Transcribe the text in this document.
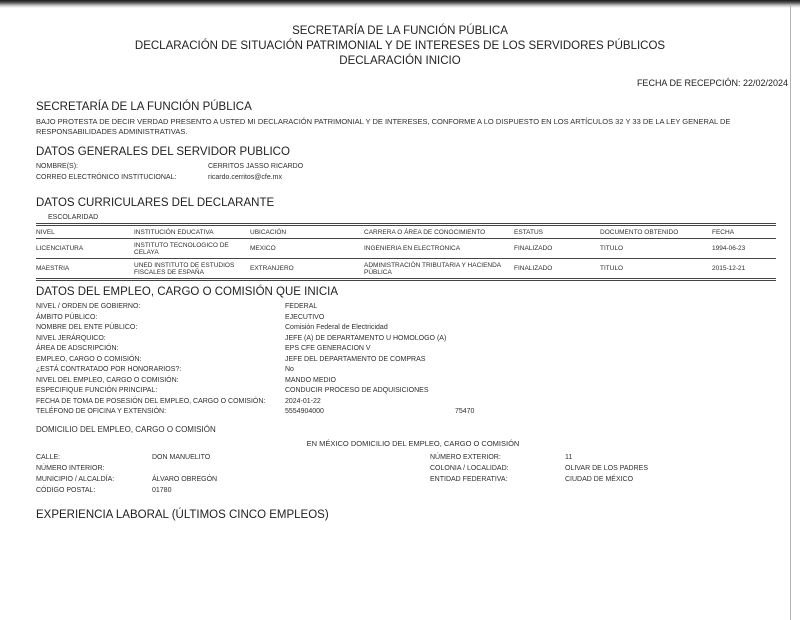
SECRETARÍA DE LA FUNCIÓN PÚBLICA
DECLARACIÓN DE SITUACIÓN PATRIMONIAL Y DE INTERESES DE LOS SERVIDORES PÚBLICOS
DECLARACIÓN INICIO
FECHA DE RECEPCIÓN: 22/02/2024
SECRETARÍA DE LA FUNCIÓN PÚBLICA
BAJO PROTESTA DE DECIR VERDAD PRESENTO A USTED MI DECLARACIÓN PATRIMONIAL Y DE INTERESES, CONFORME A LO DISPUESTO EN LOS ARTÍCULOS 32 Y 33 DE LA LEY GENERAL DE RESPONSABILIDADES ADMINISTRATIVAS.
DATOS GENERALES DEL SERVIDOR PUBLICO
NOMBRE(S):	CERRITOS JASSO RICARDO
CORREO ELECTRÓNICO INSTITUCIONAL:	ricardo.cerritos@cfe.mx
DATOS CURRICULARES DEL DECLARANTE
ESCOLARIDAD
NIVEL	INSTITUCIÓN EDUCATIVA	UBICACIÓN	CARRERA O ÁREA DE CONOCIMIENTO	ESTATUS	DOCUMENTO OBTENIDO	FECHA
LICENCIATURA	INSTITUTO TECNOLOGICO DE CELAYA	MEXICO	INGENIERIA EN ELECTRONICA	FINALIZADO	TITULO	1994-06-23
MAESTRIA	UNED INSTITUTO DE ESTUDIOS FISCALES DE ESPAÑA	EXTRANJERO	ADMINISTRACIÓN TRIBUTARIA Y HACIENDA PÚBLICA	FINALIZADO	TITULO	2015-12-21
DATOS DEL EMPLEO, CARGO O COMISIÓN QUE INICIA
NIVEL / ORDEN DE GOBIERNO:	FEDERAL
ÁMBITO PÚBLICO:	EJECUTIVO
NOMBRE DEL ENTE PÚBLICO:	Comisión Federal de Electricidad
NIVEL JERÁRQUICO:	JEFE (A) DE DEPARTAMENTO U HOMOLOGO (A)
ÁREA DE ADSCRIPCIÓN:	EPS CFE GENERACION V
EMPLEO, CARGO O COMISIÓN:	JEFE DEL DEPARTAMENTO DE COMPRAS
¿ESTÁ CONTRATADO POR HONORARIOS?:	No
NIVEL DEL EMPLEO, CARGO O COMISIÓN:	MANDO MEDIO
ESPECIFIQUE FUNCIÓN PRINCIPAL:	CONDUCIR PROCESO DE ADQUISICIONES
FECHA DE TOMA DE POSESIÓN DEL EMPLEO, CARGO O COMISIÓN:	2024-01-22
TELÉFONO DE OFICINA Y EXTENSIÓN:	5554904000	75470
DOMICILIO DEL EMPLEO, CARGO O COMISIÓN
EN MÉXICO DOMICILIO DEL EMPLEO, CARGO O COMISIÓN
CALLE:	DON MANUELITO
NÚMERO INTERIOR:
MUNICIPIO / ALCALDÍA:	ÁLVARO OBREGÓN
CÓDIGO POSTAL:	01780
NÚMERO EXTERIOR:	11
COLONIA / LOCALIDAD:	OLIVAR DE LOS PADRES
ENTIDAD FEDERATIVA:	CIUDAD DE MÉXICO
EXPERIENCIA LABORAL (ÚLTIMOS CINCO EMPLEOS)
